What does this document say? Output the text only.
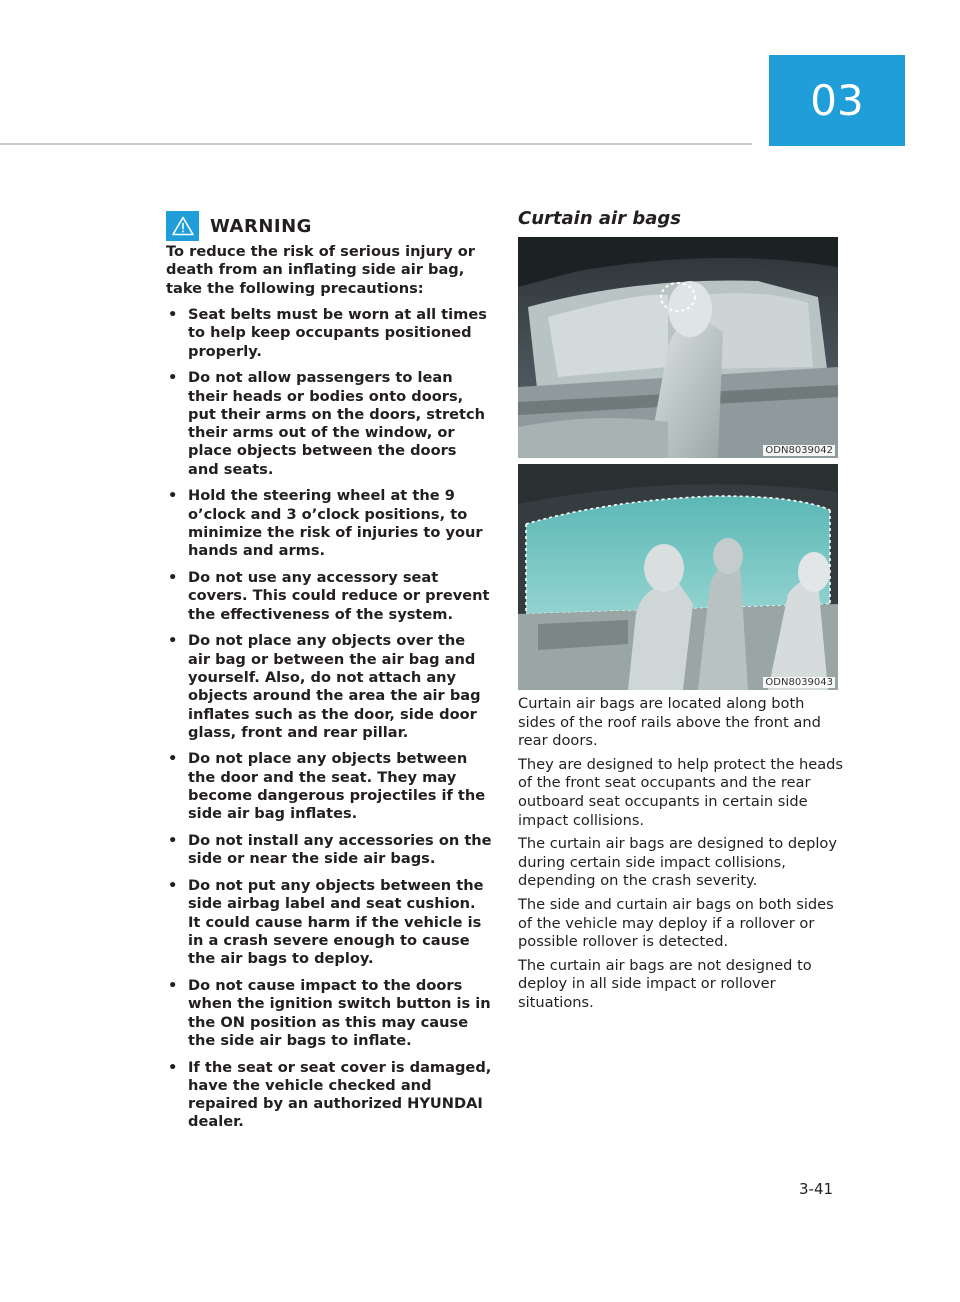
03
WARNING

To reduce the risk of serious injury or death from an inflating side air bag, take the following precautions:

• Seat belts must be worn at all times to help keep occupants positioned properly.
• Do not allow passengers to lean their heads or bodies onto doors, put their arms on the doors, stretch their arms out of the window, or place objects between the doors and seats.
• Hold the steering wheel at the 9 o’clock and 3 o’clock positions, to minimize the risk of injuries to your hands and arms.
• Do not use any accessory seat covers. This could reduce or prevent the effectiveness of the system.
• Do not place any objects over the air bag or between the air bag and yourself. Also, do not attach any objects around the area the air bag inflates such as the door, side door glass, front and rear pillar.
• Do not place any objects between the door and the seat. They may become dangerous projectiles if the side air bag inflates.
• Do not install any accessories on the side or near the side air bags.
• Do not put any objects between the side airbag label and seat cushion. It could cause harm if the vehicle is in a crash severe enough to cause the air bags to deploy.
• Do not cause impact to the doors when the ignition switch button is in the ON position as this may cause the side air bags to inflate.
• If the seat or seat cover is damaged, have the vehicle checked and repaired by an authorized HYUNDAI dealer.
Curtain air bags
ODN8039042
ODN8039043

Curtain air bags are located along both sides of the roof rails above the front and rear doors.

They are designed to help protect the heads of the front seat occupants and the rear outboard seat occupants in certain side impact collisions.

The curtain air bags are designed to deploy during certain side impact collisions, depending on the crash severity.

The side and curtain air bags on both sides of the vehicle may deploy if a rollover or possible rollover is detected.

The curtain air bags are not designed to deploy in all side impact or rollover situations.

3-41
